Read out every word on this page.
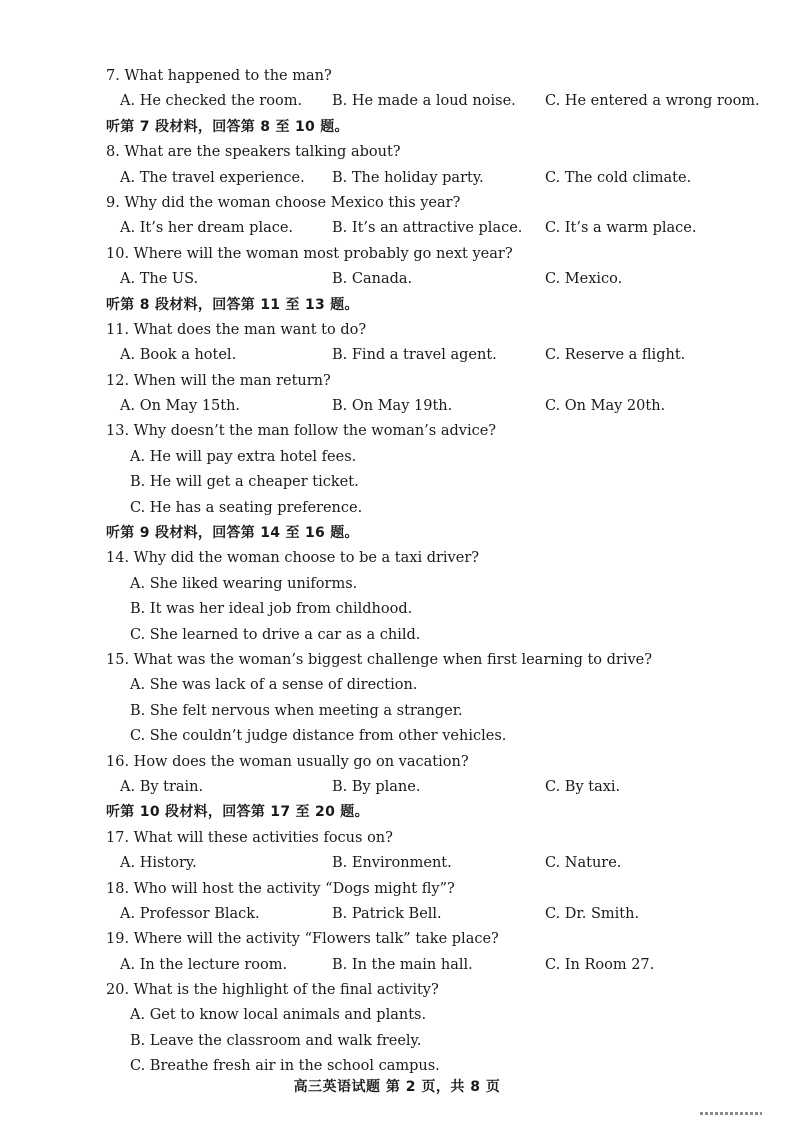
7. What happened to the man?
A. He checked the room. B. He made a loud noise. C. He entered a wrong room.
听第 7 段材料，回答第 8 至 10 题。
8. What are the speakers talking about?
A. The travel experience. B. The holiday party.	C. The cold climate.
9. Why did the woman choose Mexico this year?
A. It’s her dream place.	B. It’s an attractive place. C. It’s a warm place.
10. Where will the woman most probably go next year?
A. The US.	B. Canada.	C. Mexico.
听第 8 段材料，回答第 11 至 13 题。
11. What does the man want to do?
A. Book a hotel.	B. Find a travel agent.	C. Reserve a flight.
12. When will the man return?
A. On May 15th.	B. On May 19th.	C. On May 20th.
13. Why doesn’t the man follow the woman’s advice?
A. He will pay extra hotel fees.
B. He will get a cheaper ticket.
C. He has a seating preference.
听第 9 段材料，回答第 14 至 16 题。
14. Why did the woman choose to be a taxi driver?
A. She liked wearing uniforms.
B. It was her ideal job from childhood.
C. She learned to drive a car as a child.
15. What was the woman’s biggest challenge when first learning to drive?
A. She was lack of a sense of direction.
B. She felt nervous when meeting a stranger.
C. She couldn’t judge distance from other vehicles.
16. How does the woman usually go on vacation?
A. By train.	B. By plane.	C. By taxi.
听第 10 段材料，回答第 17 至 20 题。
17. What will these activities focus on?
A. History.	B. Environment.	C. Nature.
18. Who will host the activity “Dogs might fly”?
A. Professor Black.	B. Patrick Bell.	C. Dr. Smith.
19. Where will the activity “Flowers talk” take place?
A. In the lecture room.	B. In the main hall.	C. In Room 27.
20. What is the highlight of the final activity?
A. Get to know local animals and plants.
B. Leave the classroom and walk freely.
C. Breathe fresh air in the school campus.
高三英语试题 第 2 页，共 8 页
